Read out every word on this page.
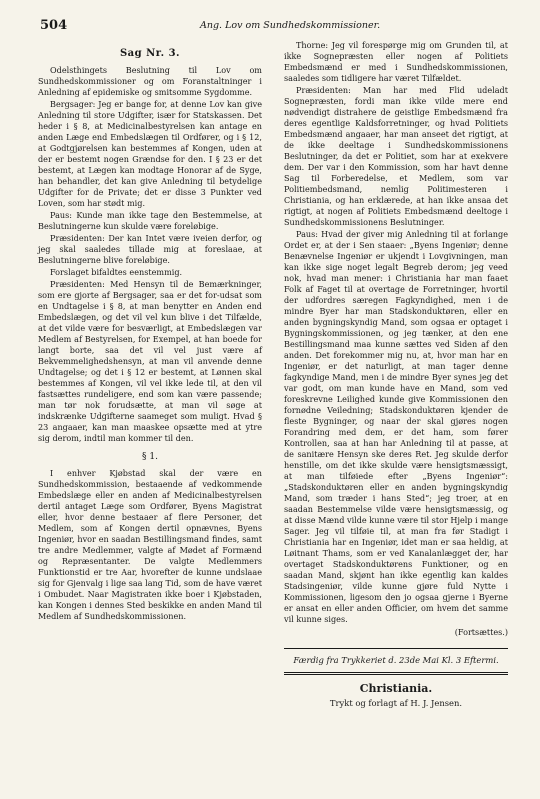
504	Ang. Lov om Sundhedskommissioner.
Sag Nr. 3.

Odelsthingets Beslutning til Lov om Sundhedskommissioner og om Foranstaltninger i Anledning af epidemiske og smitsomme Sygdomme.

Bergsager: Jeg er bange for, at denne Lov kan give Anledning til store Udgifter, især for Statskassen. Det heder i § 8, at Medicinalbestyrelsen kan antage en anden Læge end Embedslægen til Ordfører, og i § 12, at Godtgjørelsen kan bestemmes af Kongen, uden at der er bestemt nogen Grændse for den. I § 23 er det bestemt, at Lægen kan modtage Honorar af de Syge, han behandler, det kan give Anledning til betydelige Udgifter for de Private; det er disse 3 Punkter ved Loven, som har stødt mig.

Paus: Kunde man ikke tage den Bestemmelse, at Beslutningerne kun skulde være foreløbige.

Præsidenten: Der kan Intet være iveien derfor, og jeg skal saaledes tillade mig at foreslaae, at Beslutningerne blive foreløbige.

Forslaget bifaldtes eenstemmig.

Præsidenten: Med Hensyn til de Bemærkninger, som ere gjorte af Bergsager, saa er det for-udsat som en Undtagelse i § 8, at man benytter en Anden end Embedslægen, og det vil vel kun blive i det Tilfælde, at det vilde være for besværligt, at Embedslægen var Medlem af Bestyrelsen, for Exempel, at han boede for langt borte, saa det vil vel just være af Bekvemmelighedshensyn, at man vil anvende denne Undtagelse; og det i § 12 er bestemt, at Lønnen skal bestemmes af Kongen, vil vel ikke lede til, at den vil fastsættes rundeligere, end som kan være passende; man tør nok forudsætte, at man vil søge at indskrænke Udgifterne saameget som muligt. Hvad § 23 angaaer, kan man maaskee opsætte med at ytre sig derom, indtil man kommer til den.

§ 1.

I enhver Kjøbstad skal der være en Sundhedskommission, bestaaende af vedkommende Embedslæge eller en anden af Medicinalbestyrelsen dertil antaget Læge som Ordfører, Byens Magistrat eller, hvor denne bestaaer af flere Personer, det Medlem, som af Kongen dertil opnævnes, Byens Ingeniør, hvor en saadan Bestillingsmand findes, samt tre andre Medlemmer, valgte af Mødet af Formænd og Repræsentanter. De valgte Medlemmers Funktionstid er tre Aar, hvorefter de kunne undslaae sig for Gjenvalg i lige saa lang Tid, som de have været i Ombudet. Naar Magistraten ikke boer i Kjøbstaden, kan Kongen i dennes Sted beskikke en anden Mand til Medlem af Sundhedskommissionen.

Thorne: Jeg vil forespørge mig om Grunden til, at ikke Sognepræsten eller nogen af Politiets Embedsmænd er med i Sundhedskommissionen, saaledes som tidligere har været Tilfældet.

Præsidenten: Man har med Flid udeladt Sognepræsten, fordi man ikke vilde mere end nødvendigt distrahere de geistlige Embedsmænd fra deres egentlige Kaldsforretninger, og hvad Politiets Embedsmænd angaaer, har man anseet det rigtigt, at de ikke deeltage i Sundhedskommissionens Beslutninger, da det er Politiet, som har at exekvere dem. Der var i den Kommission, som har havt denne Sag til Forberedelse, et Medlem, som var Politiembedsmand, nemlig Politimesteren i Christiania, og han erklærede, at han ikke ansaa det rigtigt, at nogen af Politiets Embedsmænd deeltoge i Sundhedskommissionens Beslutninger.

Paus: Hvad der giver mig Anledning til at forlange Ordet er, at der i Sen staaer: „Byens Ingeniør; denne Benævnelse Ingeniør er ukjendt i Lovgivningen, man kan ikke sige noget legalt Begreb derom; jeg veed nok, hvad man mener: i Christiania har man faaet Folk af Faget til at overtage de Forretninger, hvortil der udfordres særegen Fagkyndighed, men i de mindre Byer har man Stadskonduktøren, eller en anden bygningskyndig Mand, som ogsaa er optaget i Bygningskommissionen, og jeg tænker, at den ene Bestillingsmand maa kunne sættes ved Siden af den anden. Det forekommer mig nu, at, hvor man har en Ingeniør, er det naturligt, at man tager denne fagkyndige Mand, men i de mindre Byer synes jeg det var godt, om man kunde have en Mand, som ved foreskrevne Leilighed kunde give Kommissionen den fornødne Veiledning; Stadskonduktøren kjender de fleste Bygninger, og naar der skal gjøres nogen Forandring med dem, er det ham, som fører Kontrollen, saa at han har Anledning til at passe, at de sanitære Hensyn ske deres Ret. Jeg skulde derfor henstille, om det ikke skulde være hensigtsmæssigt, at man tilføiede efter „Byens Ingeniør“: „Stadskonduktøren eller en anden bygningskyndig Mand, som træder i hans Sted“; jeg troer, at en saadan Bestemmelse vilde være hensigtsmæssig, og at disse Mænd vilde kunne være til stor Hjelp i mange Sager. Jeg vil tilføie til, at man fra før Stadigt i Christiania har en Ingeniør, idet man er saa heldig, at Løitnant Thams, som er ved Kanalanlægget der, har overtaget Stadskonduktørens Funktioner, og en saadan Mand, skjønt han ikke egentlig kan kaldes Stadsingeniør, vilde kunne gjøre fuld Nytte i Kommissionen, ligesom den jo ogsaa gjerne i Byerne er ansat en eller anden Officier, om hvem det samme vil kunne siges.

(Fortsættes.)
Færdig fra Trykkeriet d. 23de Mai Kl. 3 Eftermi.
Christiania.
Trykt og forlagt af H. J. Jensen.
